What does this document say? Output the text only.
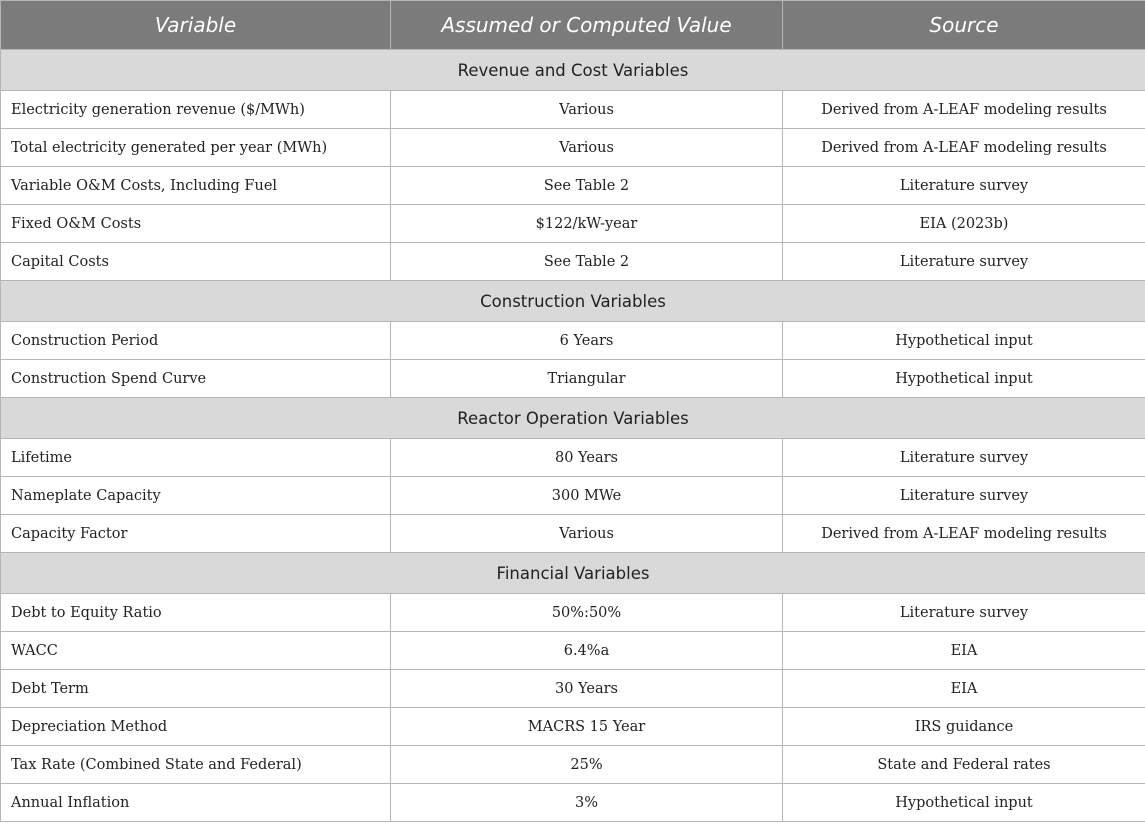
Variable	Assumed or Computed Value	Source
Revenue and Cost Variables		
Electricity generation revenue ($/MWh)	Various	Derived from A-LEAF modeling results
Total electricity generated per year (MWh)	Various	Derived from A-LEAF modeling results
Variable O&M Costs, Including Fuel	See Table 2	Literature survey
Fixed O&M Costs	$122/kW-year	EIA (2023b)
Capital Costs	See Table 2	Literature survey
Construction Variables		
Construction Period	6 Years	Hypothetical input
Construction Spend Curve	Triangular	Hypothetical input
Reactor Operation Variables		
Lifetime	80 Years	Literature survey
Nameplate Capacity	300 MWe	Literature survey
Capacity Factor	Various	Derived from A-LEAF modeling results
Financial Variables		
Debt to Equity Ratio	50%:50%	Literature survey
WACC	6.4%a	EIA
Debt Term	30 Years	EIA
Depreciation Method	MACRS 15 Year	IRS guidance
Tax Rate (Combined State and Federal)	25%	State and Federal rates
Annual Inflation	3%	Hypothetical input
